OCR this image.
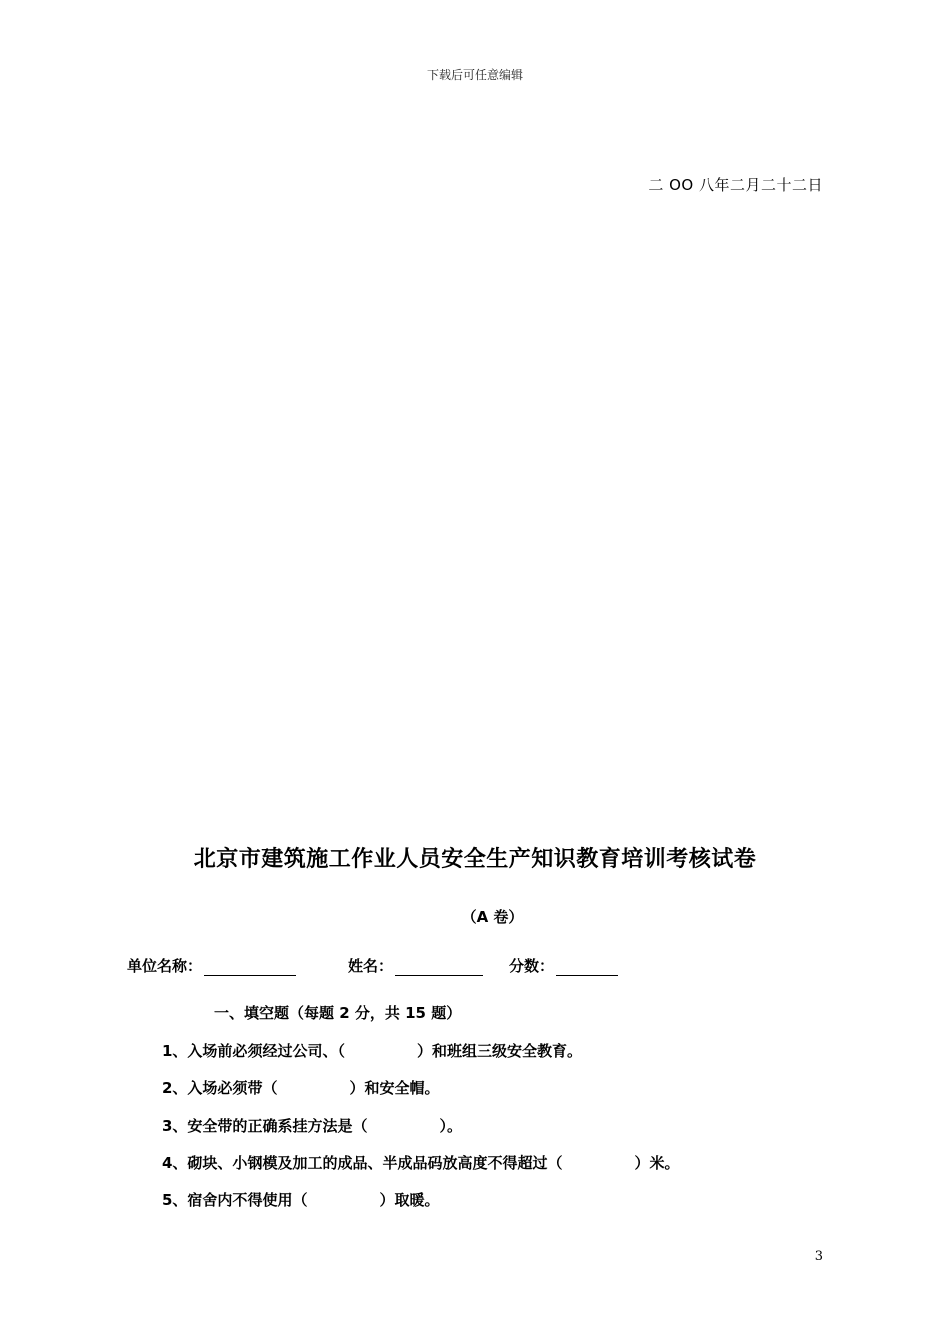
下载后可任意编辑
二 OO 八年二月二十二日
北京市建筑施工作业人员安全生产知识教育培训考核试卷
（A 卷）
单位名称：	姓名：	分数：
一、填空题（每题 2 分，共 15 题）
1、入场前必须经过公司、（	）和班组三级安全教育。
2、入场必须带（	）和安全帽。
3、安全带的正确系挂方法是（	）。
4、砌块、小钢模及加工的成品、半成品码放高度不得超过（	）米。
5、宿舍内不得使用（	）取暖。
3
